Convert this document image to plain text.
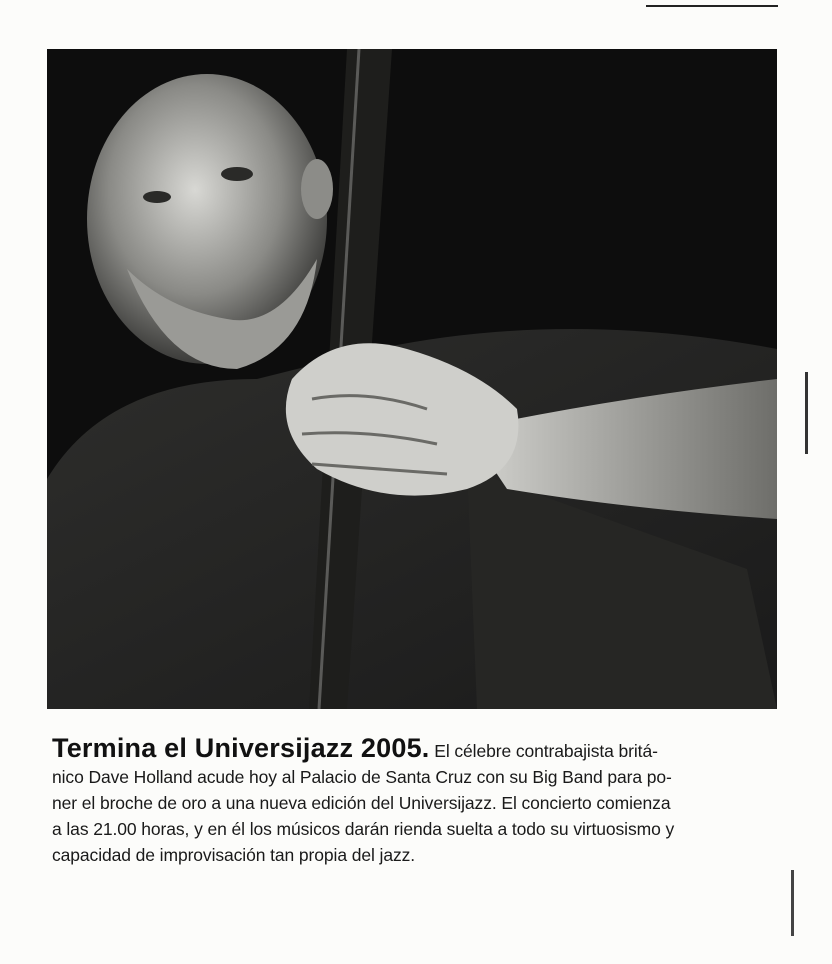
Termina el Universijazz 2005. El célebre contrabajista britá-
nico Dave Holland acude hoy al Palacio de Santa Cruz con su Big Band para po-
ner el broche de oro a una nueva edición del Universijazz. El concierto comienza
a las 21.00 horas, y en él los músicos darán rienda suelta a todo su virtuosismo y
capacidad de improvisación tan propia del jazz.
